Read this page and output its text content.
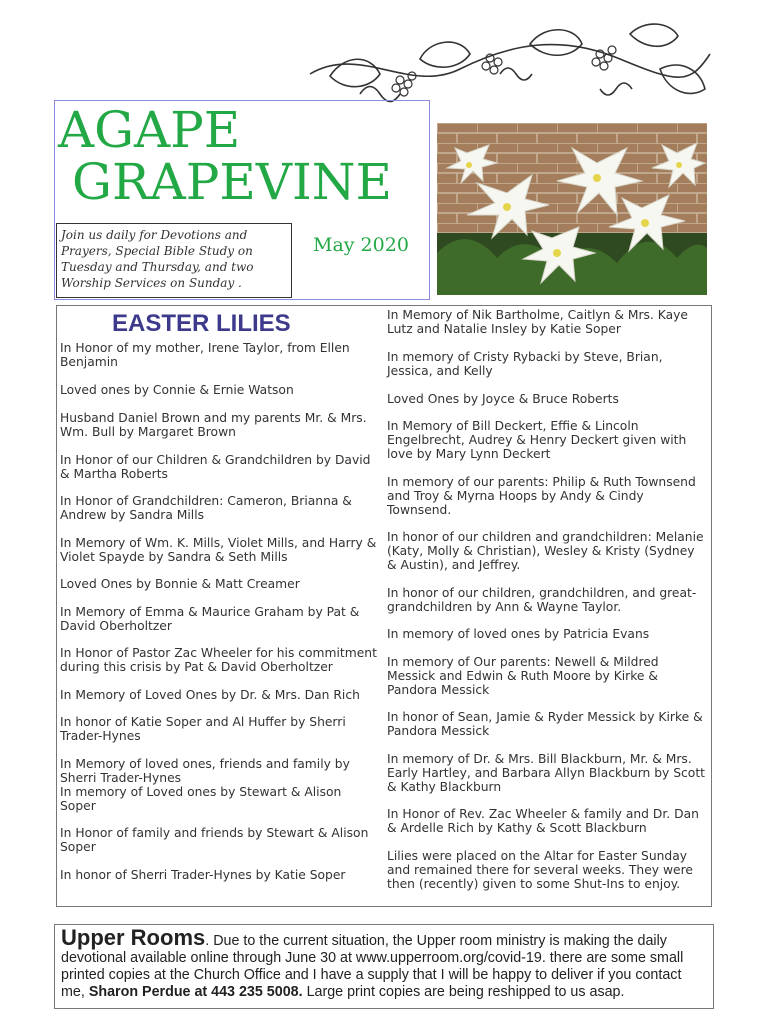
AGAPE
GRAPEVINE
Join us daily for Devotions and Prayers, Special Bible Study on Tuesday and Thursday, and two Worship Services on Sunday .
May 2020
EASTER LILIES

In Honor of my mother, Irene Taylor, from Ellen Benjamin

Loved ones by Connie & Ernie Watson

Husband Daniel Brown and my parents Mr. & Mrs. Wm. Bull by Margaret Brown

In Honor of our Children & Grandchildren by David & Martha Roberts

In Honor of Grandchildren: Cameron, Brianna & Andrew by Sandra Mills

In Memory of Wm. K. Mills, Violet Mills, and Harry & Violet Spayde by Sandra & Seth Mills

Loved Ones by Bonnie & Matt Creamer

In Memory of Emma & Maurice Graham by Pat & David Oberholtzer

In Honor of Pastor Zac Wheeler for his commitment during this crisis by Pat & David Oberholtzer

In Memory of Loved Ones by Dr. & Mrs. Dan Rich

In honor of Katie Soper and Al Huffer by Sherri Trader-Hynes

In Memory of loved ones, friends and family by Sherri Trader-Hynes

In memory of Loved ones by Stewart & Alison Soper

In Honor of family and friends by Stewart & Alison Soper

In honor of Sherri Trader-Hynes by Katie Soper

In Memory of Nik Bartholme, Caitlyn & Mrs. Kaye Lutz and Natalie Insley by Katie Soper

In memory of Cristy Rybacki by Steve, Brian, Jessica, and Kelly

Loved Ones by Joyce & Bruce Roberts

In Memory of Bill Deckert, Effie & Lincoln Engelbrecht, Audrey & Henry Deckert given with love by Mary Lynn Deckert

In memory of our parents: Philip & Ruth Townsend and Troy & Myrna Hoops by Andy & Cindy Townsend.

In honor of our children and grandchildren: Melanie (Katy, Molly & Christian), Wesley & Kristy (Sydney & Austin), and Jeffrey.

In honor of our children, grandchildren, and great-grandchildren by Ann & Wayne Taylor.

In memory of loved ones by Patricia Evans

In memory of Our parents: Newell & Mildred Messick and Edwin & Ruth Moore by Kirke & Pandora Messick

In honor of Sean, Jamie & Ryder Messick by Kirke & Pandora Messick

In memory of Dr. & Mrs. Bill Blackburn, Mr. & Mrs. Early Hartley, and Barbara Allyn Blackburn by Scott & Kathy Blackburn

In Honor of Rev. Zac Wheeler & family and Dr. Dan & Ardelle Rich by Kathy & Scott Blackburn

Lilies were placed on the Altar for Easter Sunday and remained there for several weeks. They were then (recently) given to some Shut-Ins to enjoy.

Upper Rooms. Due to the current situation, the Upper room ministry is making the daily devotional available online through June 30 at www.upperroom.org/covid-19. there are some small printed copies at the Church Office and I have a supply that I will be happy to deliver if you contact me, Sharon Perdue at 443 235 5008. Large print copies are being reshipped to us asap.
